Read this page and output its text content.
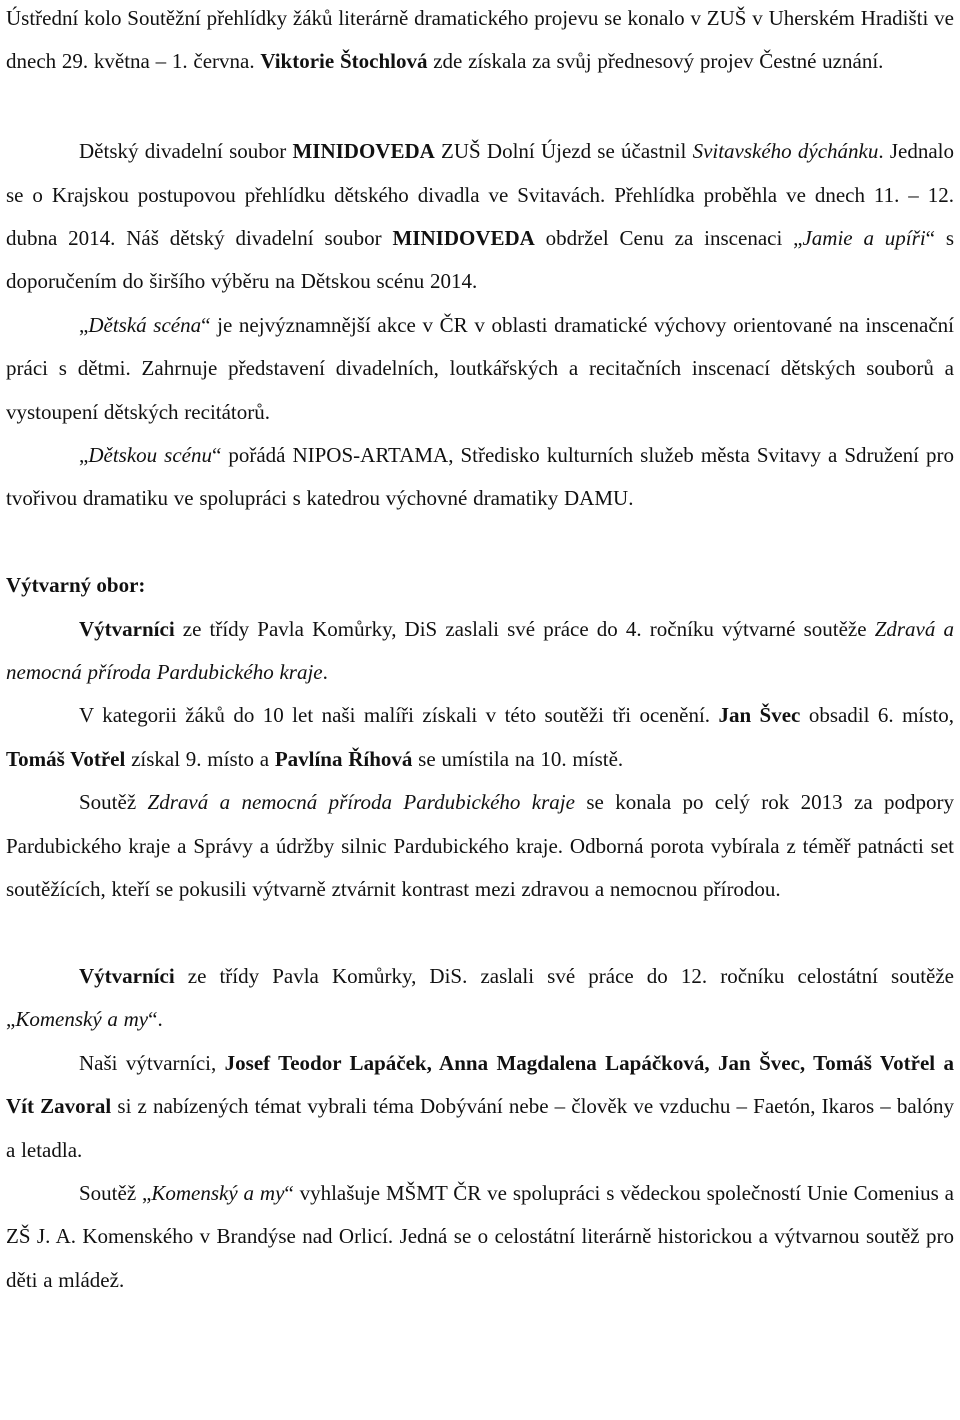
Ústřední kolo Soutěžní přehlídky žáků literárně dramatického projevu se konalo v ZUŠ v Uherském Hradišti ve dnech 29. května – 1. června. Viktorie Štochlová zde získala za svůj přednesový projev Čestné uznání.

Dětský divadelní soubor MINIDOVEDA ZUŠ Dolní Újezd se účastnil Svitavského dýchánku. Jednalo se o Krajskou postupovou přehlídku dětského divadla ve Svitavách. Přehlídka proběhla ve dnech 11. – 12. dubna 2014. Náš dětský divadelní soubor MINIDOVEDA obdržel Cenu za inscenaci „Jamie a upíři“ s doporučením do širšího výběru na Dětskou scénu 2014.

„Dětská scéna“ je nejvýznamnější akce v ČR v oblasti dramatické výchovy orientované na inscenační práci s dětmi. Zahrnuje představení divadelních, loutkářských a recitačních inscenací dětských souborů a vystoupení dětských recitátorů.

„Dětskou scénu“ pořádá NIPOS-ARTAMA, Středisko kulturních služeb města Svitavy a Sdružení pro tvořivou dramatiku ve spolupráci s katedrou výchovné dramatiky DAMU.

Výtvarný obor:

Výtvarníci ze třídy Pavla Komůrky, DiS zaslali své práce do 4. ročníku výtvarné soutěže Zdravá a nemocná příroda Pardubického kraje.

V kategorii žáků do 10 let naši malíři získali v této soutěži tři ocenění. Jan Švec obsadil 6. místo, Tomáš Votřel získal 9. místo a Pavlína Říhová se umístila na 10. místě.

Soutěž Zdravá a nemocná příroda Pardubického kraje se konala po celý rok 2013 za podpory Pardubického kraje a Správy a údržby silnic Pardubického kraje. Odborná porota vybírala z téměř patnácti set soutěžících, kteří se pokusili výtvarně ztvárnit kontrast mezi zdravou a nemocnou přírodou.

Výtvarníci ze třídy Pavla Komůrky, DiS. zaslali své práce do 12. ročníku celostátní soutěže „Komenský a my“.

Naši výtvarníci, Josef Teodor Lapáček, Anna Magdalena Lapáčková, Jan Švec, Tomáš Votřel a Vít Zavoral si z nabízených témat vybrali téma Dobývání nebe – člověk ve vzduchu – Faetón, Ikaros – balóny a letadla.

Soutěž „Komenský a my“ vyhlašuje MŠMT ČR ve spolupráci s vědeckou společností Unie Comenius a ZŠ J. A. Komenského v Brandýse nad Orlicí. Jedná se o celostátní literárně historickou a výtvarnou soutěž pro děti a mládež.
